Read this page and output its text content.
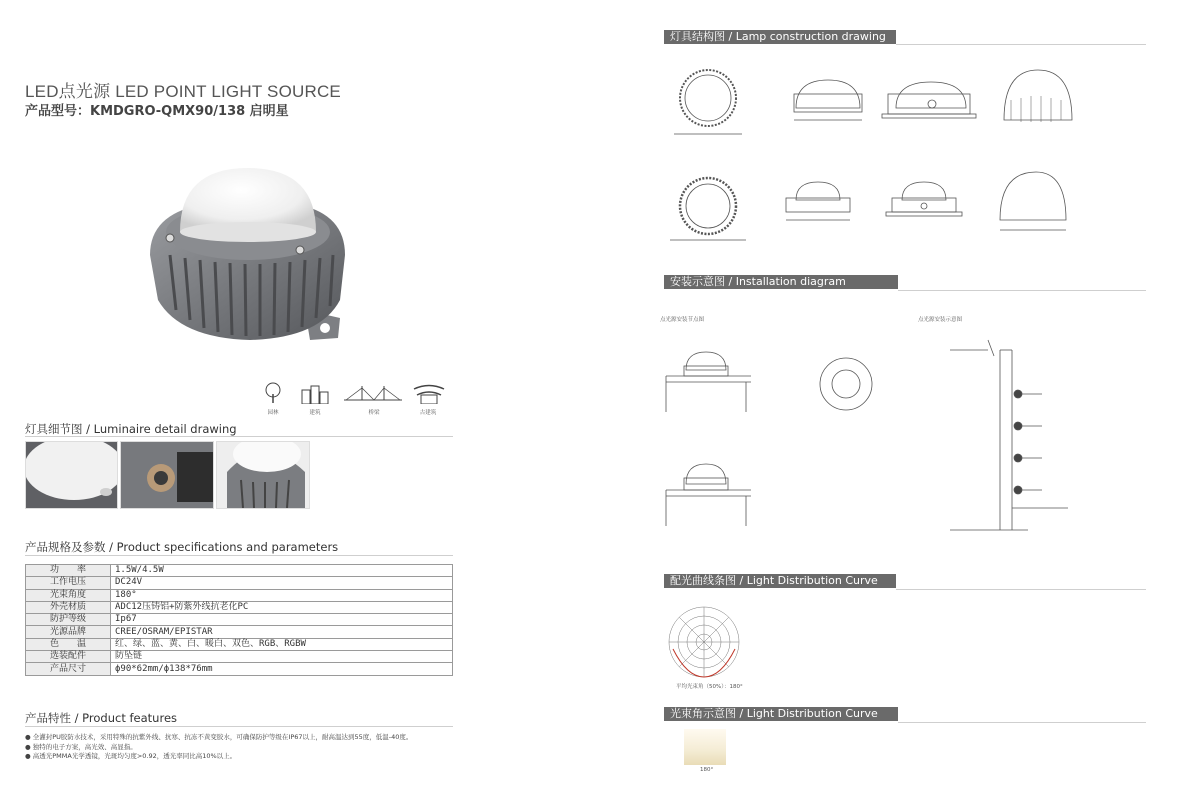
LED点光源 LED POINT LIGHT SOURCE
产品型号：KMDGRO-QMX90/138 启明星
园林	建筑	桥梁	古建筑
灯具细节图 / Luminaire detail drawing
产品规格及参数 / Product specifications and parameters
功　　率	1.5W/4.5W
工作电压	DC24V
光束角度	180°
外壳材质	ADC12压铸铝+防紫外线抗老化PC
防护等级	Ip67
光源品牌	CREE/OSRAM/EPISTAR
色　　温	红、绿、蓝、黄、白、暖白、双色、RGB、RGBW
选装配件	防坠链
产品尺寸	ϕ90*62mm/ϕ138*76mm
产品特性 / Product features
● 全灌封PU胶防水技术，采用特殊的抗紫外线、抗寒、抗冻不黄变胶水，可确保防护等级在IP67以上，耐高温达到55度，低温-40度。
● 独特的电子方案，高光效、高显指。
● 高透光PMMA光学透镜，光斑均匀度>0.92，透光率同比高10%以上。
灯具结构图 / Lamp construction drawing
安装示意图 / Installation diagram
点光源安装节点图	点光源安装示意图
配光曲线条图 / Light Distribution Curve
平均光束角（50%）：180°
光束角示意图 / Light Distribution Curve
180°
